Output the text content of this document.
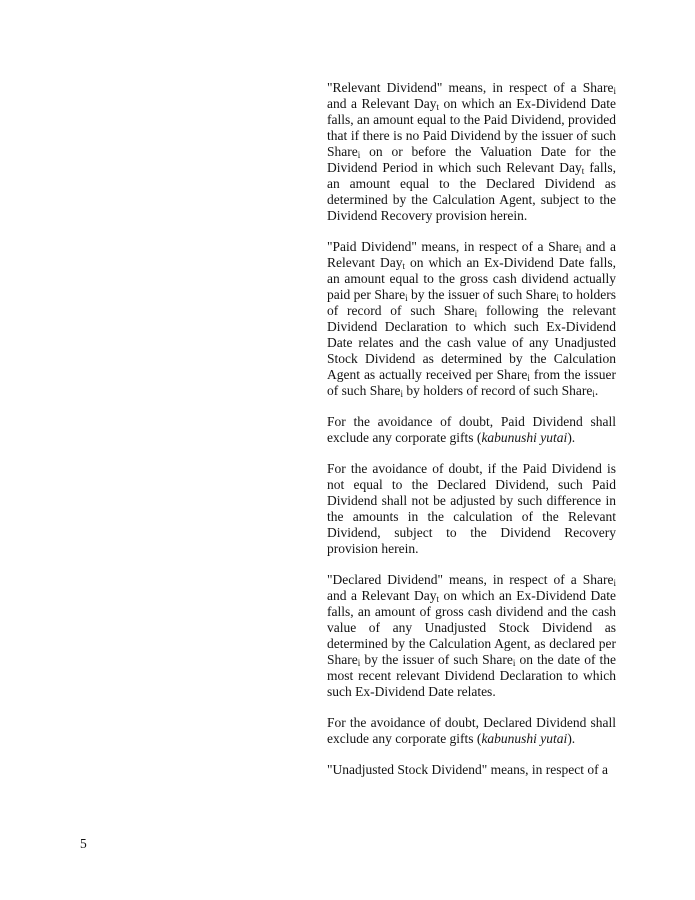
"Relevant Dividend" means, in respect of a Share$_i$ and a Relevant Day$_t$ on which an Ex-Dividend Date falls, an amount equal to the Paid Dividend, provided that if there is no Paid Dividend by the issuer of such Share$_i$ on or before the Valuation Date for the Dividend Period in which such Relevant Day$_t$ falls, an amount equal to the Declared Dividend as determined by the Calculation Agent, subject to the Dividend Recovery provision herein.

"Paid Dividend" means, in respect of a Share$_i$ and a Relevant Day$_t$ on which an Ex-Dividend Date falls, an amount equal to the gross cash dividend actually paid per Share$_i$ by the issuer of such Share$_i$ to holders of record of such Share$_i$ following the relevant Dividend Declaration to which such Ex-Dividend Date relates and the cash value of any Unadjusted Stock Dividend as determined by the Calculation Agent as actually received per Share$_i$ from the issuer of such Share$_i$ by holders of record of such Share$_i$.

For the avoidance of doubt, Paid Dividend shall exclude any corporate gifts (kabunushi yutai).

For the avoidance of doubt, if the Paid Dividend is not equal to the Declared Dividend, such Paid Dividend shall not be adjusted by such difference in the amounts in the calculation of the Relevant Dividend, subject to the Dividend Recovery provision herein.

"Declared Dividend" means, in respect of a Share$_i$ and a Relevant Day$_t$ on which an Ex-Dividend Date falls, an amount of gross cash dividend and the cash value of any Unadjusted Stock Dividend as determined by the Calculation Agent, as declared per Share$_i$ by the issuer of such Share$_i$ on the date of the most recent relevant Dividend Declaration to which such Ex-Dividend Date relates.

For the avoidance of doubt, Declared Dividend shall exclude any corporate gifts (kabunushi yutai).

"Unadjusted Stock Dividend" means, in respect of a

5
